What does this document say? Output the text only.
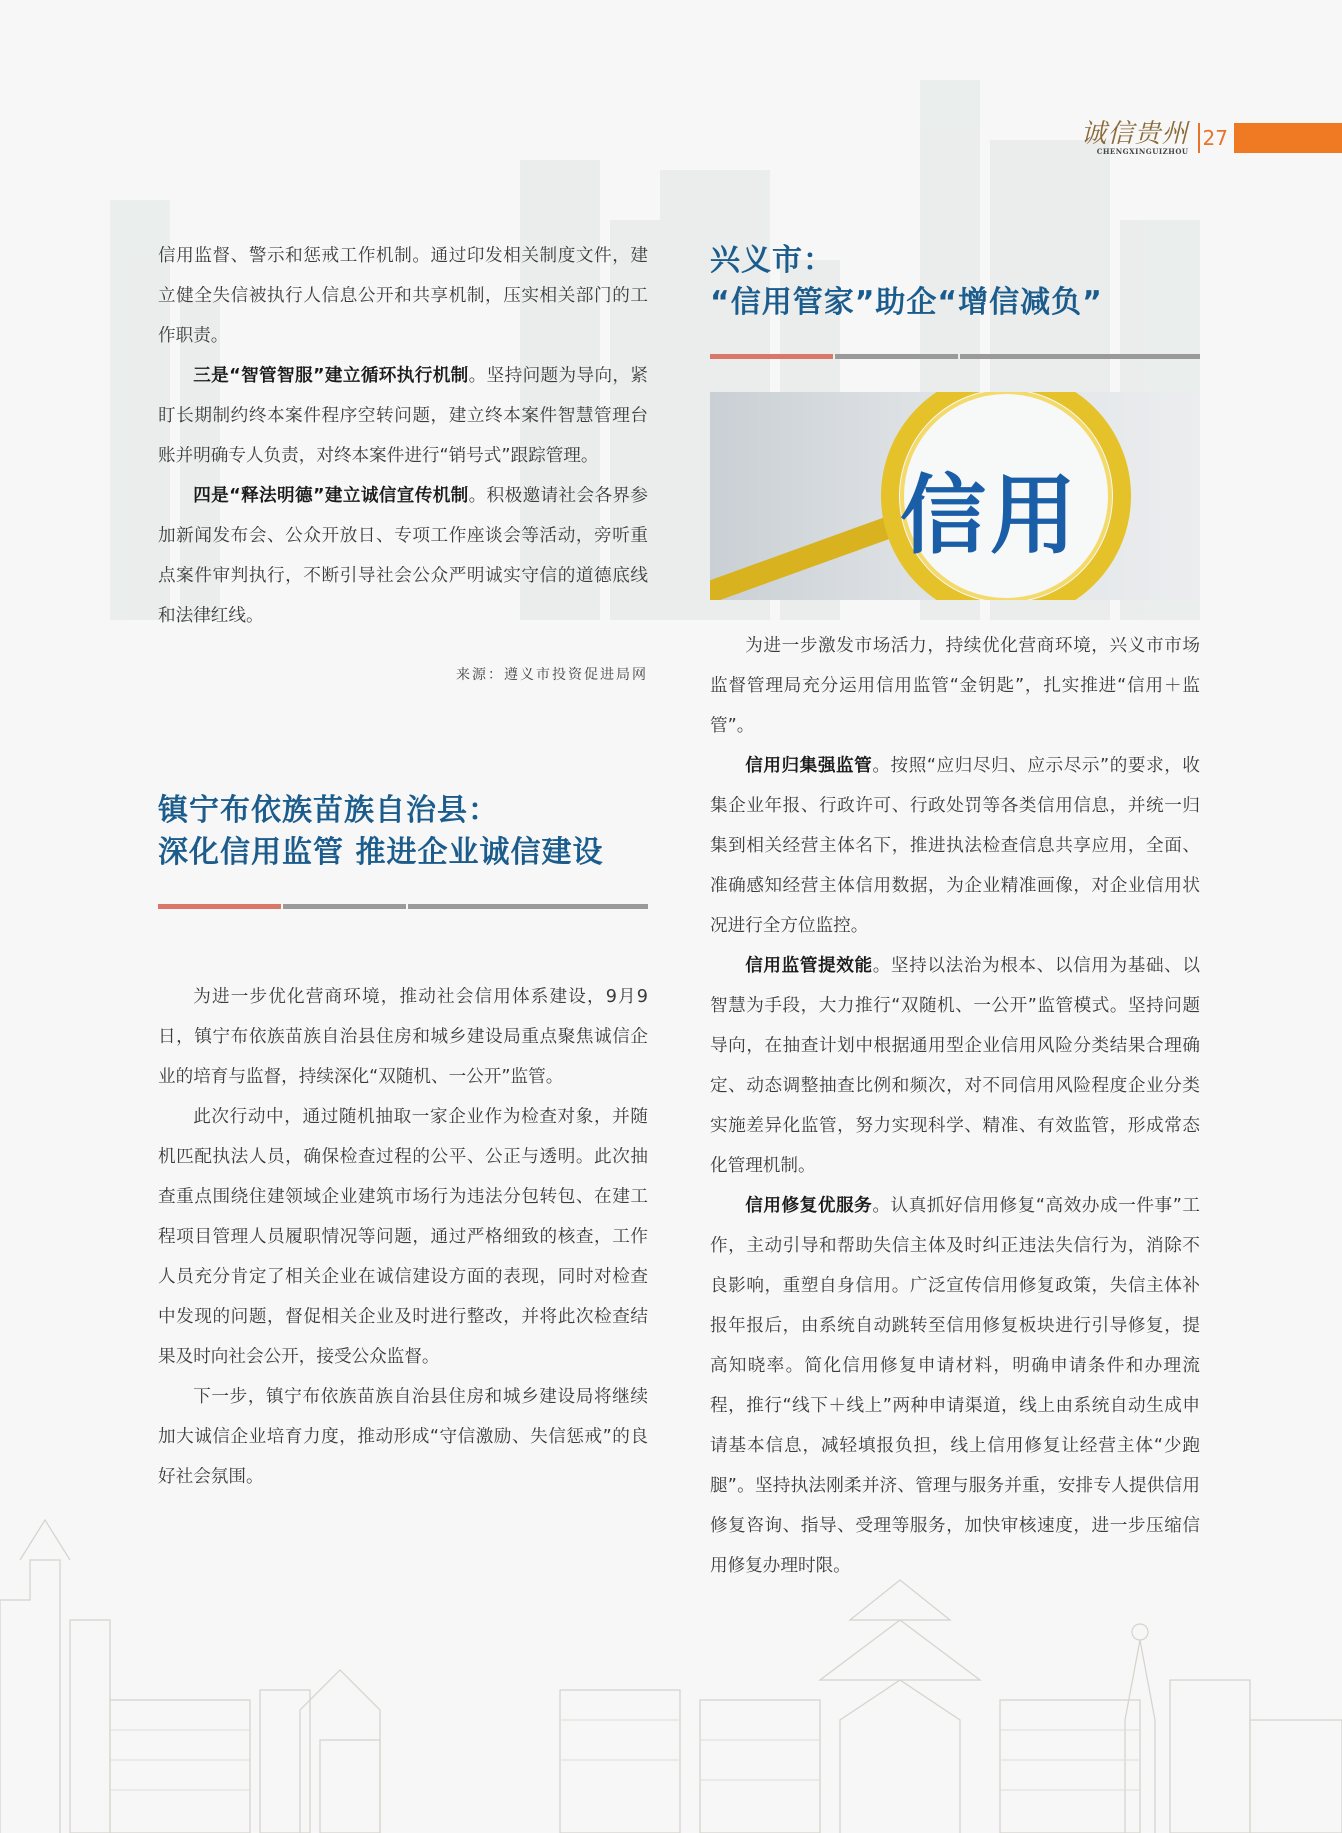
诚信贵州
CHENGXINGUIZHOU
27

信用监督、警示和惩戒工作机制。通过印发相关制度文件，建立健全失信被执行人信息公开和共享机制，压实相关部门的工作职责。

三是“智管智服”建立循环执行机制。坚持问题为导向，紧盯长期制约终本案件程序空转问题，建立终本案件智慧管理台账并明确专人负责，对终本案件进行“销号式”跟踪管理。

四是“释法明德”建立诚信宣传机制。积极邀请社会各界参加新闻发布会、公众开放日、专项工作座谈会等活动，旁听重点案件审判执行，不断引导社会公众严明诚实守信的道德底线和法律红线。

来源：遵义市投资促进局网
镇宁布依族苗族自治县：
深化信用监管 推进企业诚信建设

为进一步优化营商环境，推动社会信用体系建设，9月9日，镇宁布依族苗族自治县住房和城乡建设局重点聚焦诚信企业的培育与监督，持续深化“双随机、一公开”监管。

此次行动中，通过随机抽取一家企业作为检查对象，并随机匹配执法人员，确保检查过程的公平、公正与透明。此次抽查重点围绕住建领域企业建筑市场行为违法分包转包、在建工程项目管理人员履职情况等问题，通过严格细致的核查，工作人员充分肯定了相关企业在诚信建设方面的表现，同时对检查中发现的问题，督促相关企业及时进行整改，并将此次检查结果及时向社会公开，接受公众监督。

下一步，镇宁布依族苗族自治县住房和城乡建设局将继续加大诚信企业培育力度，推动形成“守信激励、失信惩戒”的良好社会氛围。

兴义市：
“信用管家”助企“增信减负”
信用

为进一步激发市场活力，持续优化营商环境，兴义市市场监督管理局充分运用信用监管“金钥匙”，扎实推进“信用＋监管”。

信用归集强监管。按照“应归尽归、应示尽示”的要求，收集企业年报、行政许可、行政处罚等各类信用信息，并统一归集到相关经营主体名下，推进执法检查信息共享应用，全面、准确感知经营主体信用数据，为企业精准画像，对企业信用状况进行全方位监控。

信用监管提效能。坚持以法治为根本、以信用为基础、以智慧为手段，大力推行“双随机、一公开”监管模式。坚持问题导向，在抽查计划中根据通用型企业信用风险分类结果合理确定、动态调整抽查比例和频次，对不同信用风险程度企业分类实施差异化监管，努力实现科学、精准、有效监管，形成常态化管理机制。

信用修复优服务。认真抓好信用修复“高效办成一件事”工作，主动引导和帮助失信主体及时纠正违法失信行为，消除不良影响，重塑自身信用。广泛宣传信用修复政策，失信主体补报年报后，由系统自动跳转至信用修复板块进行引导修复，提高知晓率。简化信用修复申请材料，明确申请条件和办理流程，推行“线下＋线上”两种申请渠道，线上由系统自动生成申请基本信息，减轻填报负担，线上信用修复让经营主体“少跑腿”。坚持执法刚柔并济、管理与服务并重，安排专人提供信用修复咨询、指导、受理等服务，加快审核速度，进一步压缩信用修复办理时限。
